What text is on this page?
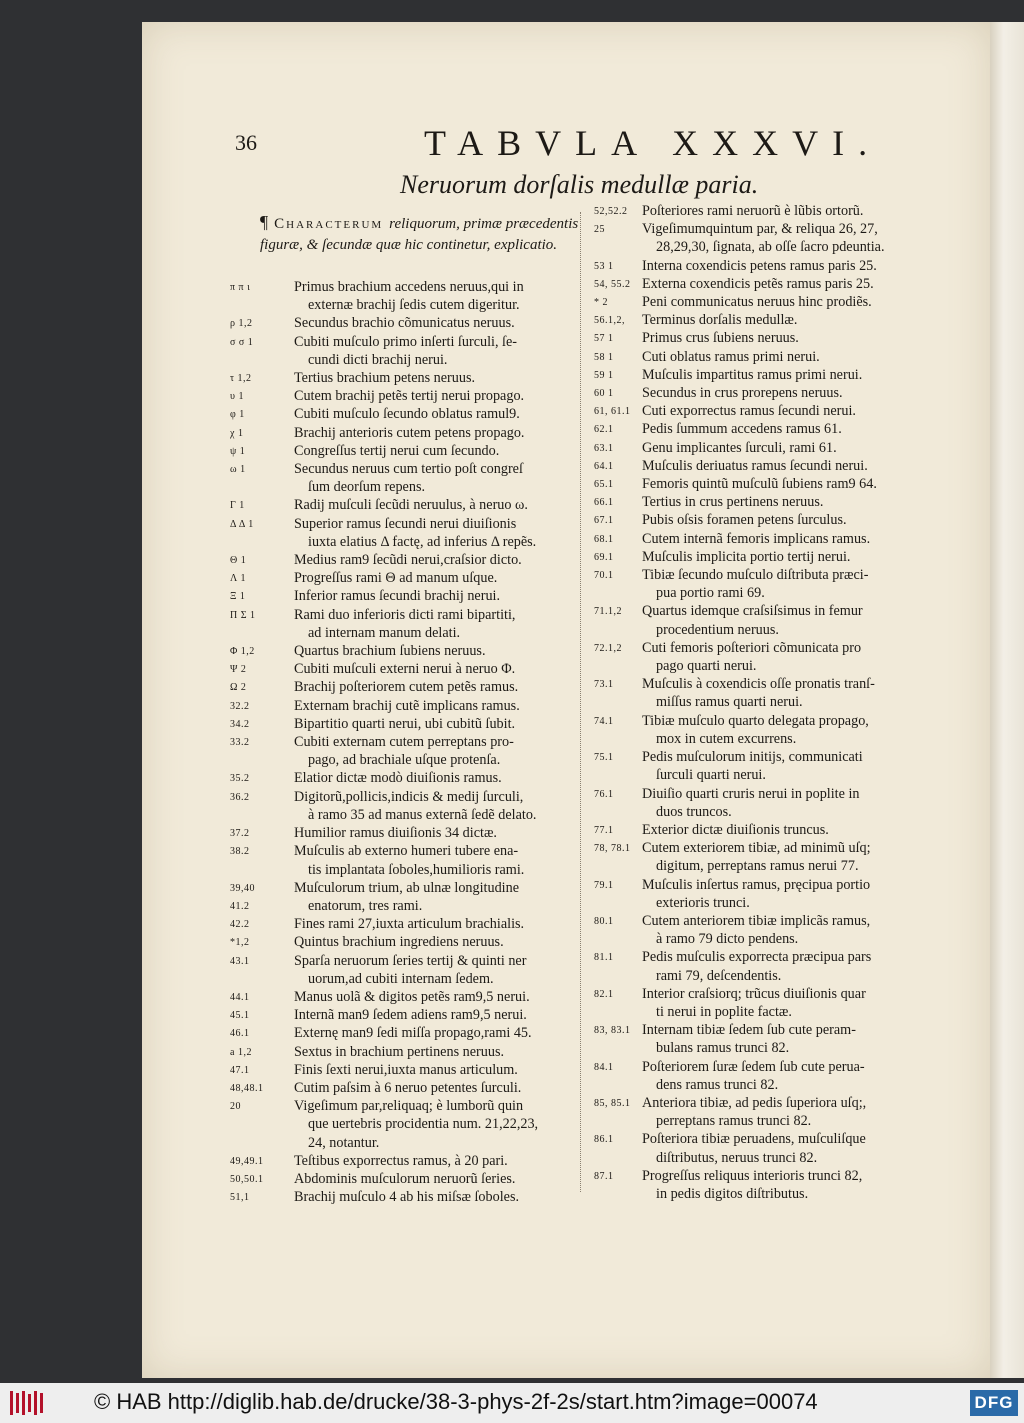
36	TABVLA XXXVI.
Neruorum dorſalis medullæ paria.
¶ Characterum reliquorum, primæ præcedentis figuræ, & ſecundæ quæ hic continetur, explicatio.
π π ι	Primus brachium accedens neruus,qui in
externæ brachij ſedis cutem digeritur.
ρ 1,2	Secundus brachio cõmunicatus neruus.
σ σ 1	Cubiti muſculo primo inſerti ſurculi, ſe-
cundi dicti brachij nerui.
τ 1,2	Tertius brachium petens neruus.
υ 1	Cutem brachij petẽs tertij nerui propago.
φ 1	Cubiti muſculo ſecundo oblatus ramul9.
χ 1	Brachij anterioris cutem petens propago.
ψ 1	Congreſſus tertij nerui cum ſecundo.
ω 1	Secundus neruus cum tertio poſt congreſ
ſum deorſum repens.
Γ 1	Radij muſculi ſecũdi neruulus, à neruo ω.
Δ Δ 1	Superior ramus ſecundi nerui diuiſionis
iuxta elatius Δ factę, ad inferius Δ repẽs.
Θ 1	Medius ram9 ſecũdi nerui,craſsior dicto.
Λ 1	Progreſſus rami Θ ad manum uſque.
Ξ 1	Inferior ramus ſecundi brachij nerui.
Π Σ 1	Rami duo inferioris dicti rami bipartiti,
ad internam manum delati.
Φ 1,2	Quartus brachium ſubiens neruus.
Ψ 2	Cubiti muſculi externi nerui à neruo Φ.
Ω 2	Brachij poſteriorem cutem petẽs ramus.
32.2	Externam brachij cutẽ implicans ramus.
34.2	Bipartitio quarti nerui, ubi cubitũ ſubit.
33.2	Cubiti externam cutem perreptans pro-
pago, ad brachiale uſque protenſa.
35.2	Elatior dictæ modò diuiſionis ramus.
36.2	Digitorũ,pollicis,indicis & medij ſurculi,
à ramo 35 ad manus externã ſedẽ delato.
37.2	Humilior ramus diuiſionis 34 dictæ.
38.2	Muſculis ab externo humeri tubere ena-
tis implantata ſoboles,humilioris rami.
39,40	Muſculorum trium, ab ulnæ longitudine
41.2	enatorum, tres rami.
42.2	Fines rami 27,iuxta articulum brachialis.
*1,2	Quintus brachium ingrediens neruus.
43.1	Sparſa neruorum ſeries tertij & quinti ner
uorum,ad cubiti internam ſedem.
44.1	Manus uolã & digitos petẽs ram9,5 nerui.
45.1	Internã man9 ſedem adiens ram9,5 nerui.
46.1	Externę man9 ſedi miſſa propago,rami 45.
a 1,2	Sextus in brachium pertinens neruus.
47.1	Finis ſexti nerui,iuxta manus articulum.
48,48.1 Cutim paſsim à 6 neruo petentes ſurculi.
20	Vigeſimum par,reliquaq; è lumborũ quin
que uertebris procidentia num. 21,22,23,
24, notantur.
49,49.1 Teſtibus exporrectus ramus, à 20 pari.
50,50.1 Abdominis muſculorum neruorũ ſeries.
51,1	Brachij muſculo 4 ab his miſsæ ſoboles.
52,52.2 Poſteriores rami neruorũ è lũbis ortorũ.
25	Vigeſimumquintum par, & reliqua 26, 27,
28,29,30, ſignata, ab oſſe ſacro pdeuntia.
53 1 Interna coxendicis petens ramus paris 25.
54, 55.2 Externa coxendicis petẽs ramus paris 25.
* 2 Peni communicatus neruus hinc prodiẽs.
56.1,2, Terminus dorſalis medullæ.
57 1 Primus crus ſubiens neruus.
58 1 Cuti oblatus ramus primi nerui.
59 1 Muſculis impartitus ramus primi nerui.
60 1 Secundus in crus prorepens neruus.
61, 61.1 Cuti exporrectus ramus ſecundi nerui.
62.1 Pedis ſummum accedens ramus 61.
63.1 Genu implicantes ſurculi, rami 61.
64.1 Muſculis deriuatus ramus ſecundi nerui.
65.1 Femoris quintũ muſculũ ſubiens ram9 64.
66.1 Tertius in crus pertinens neruus.
67.1 Pubis oſsis foramen petens ſurculus.
68.1 Cutem internã femoris implicans ramus.
69.1 Muſculis implicita portio tertij nerui.
70.1 Tibiæ ſecundo muſculo diſtributa præci-
pua portio rami 69.
71.1,2 Quartus idemque craſsiſsimus in femur
procedentium neruus.
72.1,2 Cuti femoris poſteriori cõmunicata pro
pago quarti nerui.
73.1 Muſculis à coxendicis oſſe pronatis tranſ-
miſſus ramus quarti nerui.
74.1 Tibiæ muſculo quarto delegata propago,
mox in cutem excurrens.
75.1 Pedis muſculorum initijs, communicati
ſurculi quarti nerui.
76.1 Diuiſio quarti cruris nerui in poplite in
duos truncos.
77.1 Exterior dictæ diuiſionis truncus.
78, 78.1 Cutem exteriorem tibiæ, ad minimũ uſq;
digitum, perreptans ramus nerui 77.
79.1 Muſculis inſertus ramus, pręcipua portio
exterioris trunci.
80.1 Cutem anteriorem tibiæ implicãs ramus,
à ramo 79 dicto pendens.
81.1 Pedis muſculis exporrecta præcipua pars
rami 79, deſcendentis.
82.1 Interior craſsiorq; trũcus diuiſionis quar
ti nerui in poplite factæ.
83, 83.1 Internam tibiæ ſedem ſub cute peram-
bulans ramus trunci 82.
84.1 Poſteriorem ſuræ ſedem ſub cute perua-
dens ramus trunci 82.
85, 85.1 Anteriora tibiæ, ad pedis ſuperiora uſq;,
perreptans ramus trunci 82.
86.1 Poſteriora tibiæ peruadens, muſculiſque
diſtributus, neruus trunci 82.
87.1 Progreſſus reliquus interioris trunci 82,
in pedis digitos diſtributus.
© HAB http://diglib.hab.de/drucke/38-3-phys-2f-2s/start.htm?image=00074	DFG
